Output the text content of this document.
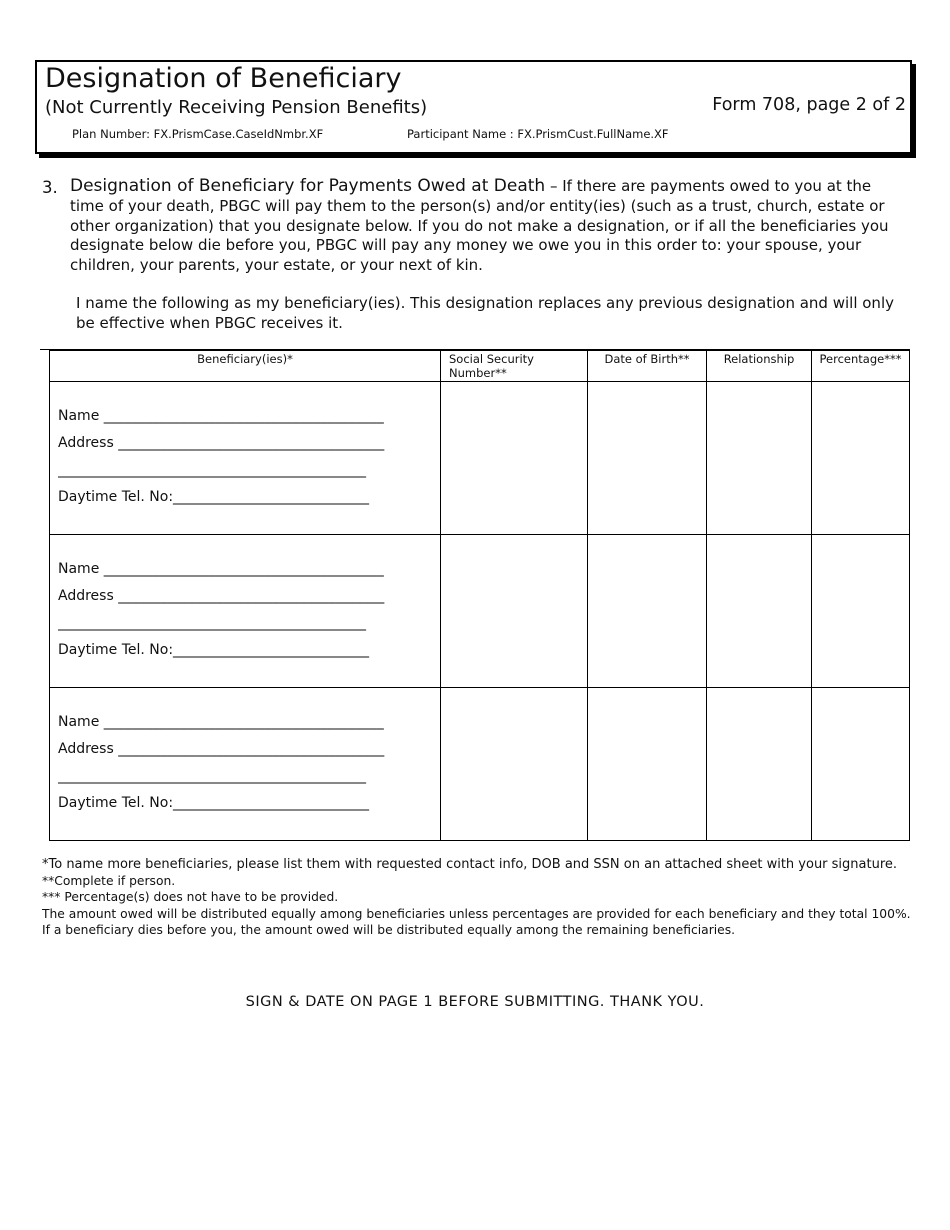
Designation of Beneficiary
(Not Currently Receiving Pension Benefits)	Form 708, page 2 of 2
Plan Number: FX.PrismCase.CaseIdNmbr.XF	Participant Name : FX.PrismCust.FullName.XF
3. Designation of Beneficiary for Payments Owed at Death – If there are payments owed to you at the time of your death, PBGC will pay them to the person(s) and/or entity(ies) (such as a trust, church, estate or other organization) that you designate below. If you do not make a designation, or if all the beneficiaries you designate below die before you, PBGC will pay any money we owe you in this order to: your spouse, your children, your parents, your estate, or your next of kin.
I name the following as my beneficiary(ies). This designation replaces any previous designation and will only be effective when PBGC receives it.
Beneficiary(ies)*	Social Security Number**	Date of Birth**	Relationship	Percentage***

Name ________________________________________
Address ______________________________________
____________________________________________
Daytime Tel. No:____________________________				

Name ________________________________________
Address ______________________________________
____________________________________________
Daytime Tel. No:____________________________				

Name ________________________________________
Address ______________________________________
____________________________________________
Daytime Tel. No:____________________________				

*To name more beneficiaries, please list them with requested contact info, DOB and SSN on an attached sheet with your signature.

**Complete if person.

*** Percentage(s) does not have to be provided.

The amount owed will be distributed equally among beneficiaries unless percentages are provided for each beneficiary and they total 100%.

If a beneficiary dies before you, the amount owed will be distributed equally among the remaining beneficiaries.

SIGN & DATE ON PAGE 1 BEFORE SUBMITTING. THANK YOU.
